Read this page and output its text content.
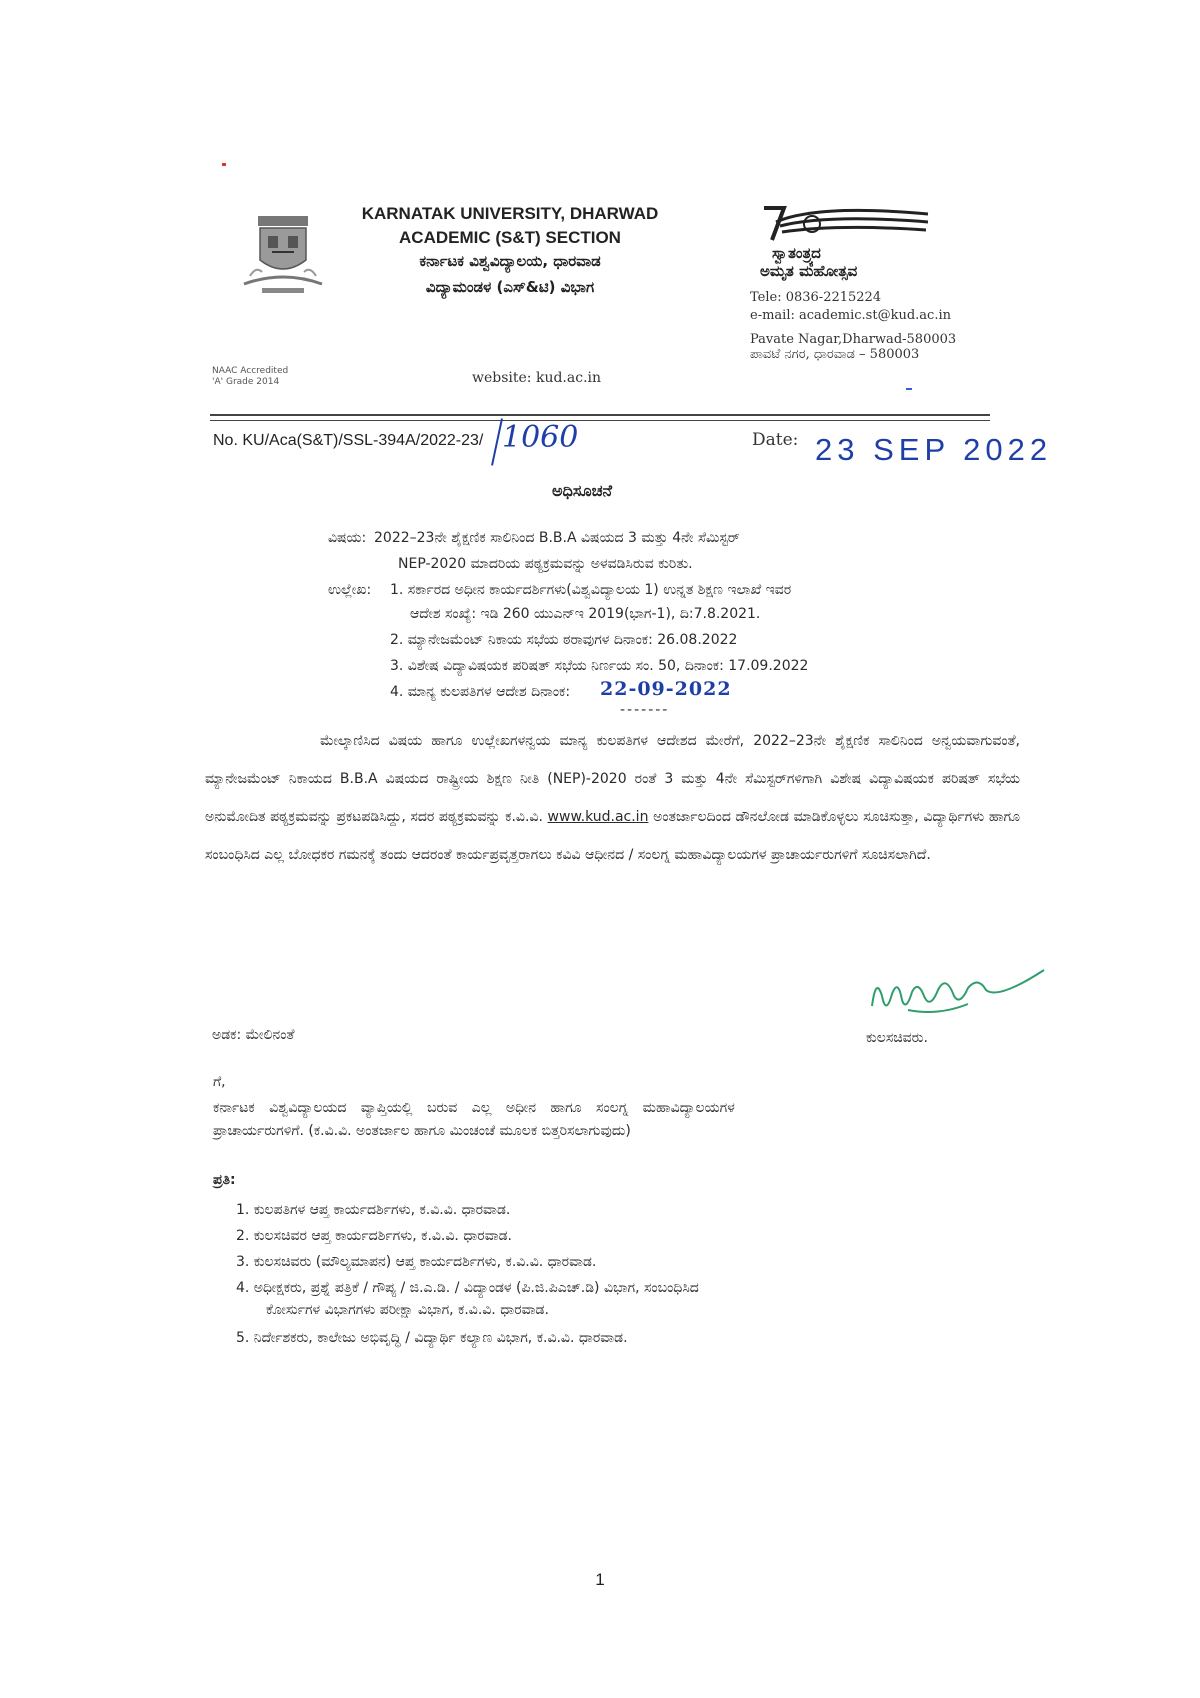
KARNATAK UNIVERSITY, DHARWAD
ACADEMIC (S&T) SECTION
ಕರ್ನಾಟಕ ವಿಶ್ವವಿದ್ಯಾಲಯ, ಧಾರವಾಡ
ವಿದ್ಯಾಮಂಡಳ (ಎಸ್&ಟಿ) ವಿಭಾಗ
NAAC Accredited
'A' Grade 2014	website: kud.ac.in
ಸ್ವಾತಂತ್ರ್ಯದ
ಅಮೃತ ಮಹೋತ್ಸವ
Tele: 0836-2215224
e-mail: academic.st@kud.ac.in
Pavate Nagar,Dharwad-580003
ಪಾವಟೆ ನಗರ, ಧಾರವಾಡ – 580003
No. KU/Aca(S&T)/SSL-394A/2022-23/ 1060	Date: 23 SEP 2022
ಅಧಿಸೂಚನೆ
ವಿಷಯ: 2022–23ನೇ ಶೈಕ್ಷಣಿಕ ಸಾಲಿನಿಂದ B.B.A ವಿಷಯದ 3 ಮತ್ತು 4ನೇ ಸೆಮಿಸ್ಟರ್
NEP-2020 ಮಾದರಿಯ ಪಠ್ಯಕ್ರಮವನ್ನು ಅಳವಡಿಸಿರುವ ಕುರಿತು.
ಉಲ್ಲೇಖ: 1. ಸರ್ಕಾರದ ಅಧೀನ ಕಾರ್ಯದರ್ಶಿಗಳು(ವಿಶ್ವವಿದ್ಯಾಲಯ 1) ಉನ್ನತ ಶಿಕ್ಷಣ ಇಲಾಖೆ ಇವರ
ಆದೇಶ ಸಂಖ್ಯೆ: ಇಡಿ 260 ಯುಎನ್ಇ 2019(ಭಾಗ-1), ದಿ:7.8.2021.
2. ಮ್ಯಾನೇಜಮೆಂಟ್ ನಿಕಾಯ ಸಭೆಯ ಠರಾವುಗಳ ದಿನಾಂಕ: 26.08.2022
3. ವಿಶೇಷ ವಿದ್ಯಾವಿಷಯಕ ಪರಿಷತ್ ಸಭೆಯ ನಿರ್ಣಯ ಸಂ. 50, ದಿನಾಂಕ: 17.09.2022
4. ಮಾನ್ಯ ಕುಲಪತಿಗಳ ಆದೇಶ ದಿನಾಂಕ: 22-09-2022
-------
ಮೇಲ್ಕಾಣಿಸಿದ ವಿಷಯ ಹಾಗೂ ಉಲ್ಲೇಖಗಳನ್ವಯ ಮಾನ್ಯ ಕುಲಪತಿಗಳ ಆದೇಶದ ಮೇರೆಗೆ, 2022–23ನೇ ಶೈಕ್ಷಣಿಕ ಸಾಲಿನಿಂದ ಅನ್ವಯವಾಗುವಂತೆ, ಮ್ಯಾನೇಜಮೆಂಟ್ ನಿಕಾಯದ B.B.A ವಿಷಯದ ರಾಷ್ಟ್ರೀಯ ಶಿಕ್ಷಣ ನೀತಿ (NEP)-2020 ರಂತೆ 3 ಮತ್ತು 4ನೇ ಸೆಮಿಸ್ಟರ್‌ಗಳಿಗಾಗಿ ವಿಶೇಷ ವಿದ್ಯಾವಿಷಯಕ ಪರಿಷತ್ ಸಭೆಯ ಅನುಮೋದಿತ ಪಠ್ಯಕ್ರಮವನ್ನು ಪ್ರಕಟಪಡಿಸಿದ್ದು, ಸದರ ಪಠ್ಯಕ್ರಮವನ್ನು ಕ.ವಿ.ವಿ. www.kud.ac.in ಅಂತರ್ಜಾಲದಿಂದ ಡೌನಲೋಡ ಮಾಡಿಕೊಳ್ಳಲು ಸೂಚಿಸುತ್ತಾ, ವಿದ್ಯಾರ್ಥಿಗಳು ಹಾಗೂ ಸಂಬಂಧಿಸಿದ ಎಲ್ಲ ಬೋಧಕರ ಗಮನಕ್ಕೆ ತಂದು ಆದರಂತೆ ಕಾರ್ಯಪ್ರವೃತ್ತರಾಗಲು ಕವಿವಿ ಆಧೀನದ / ಸಂಲಗ್ನ ಮಹಾವಿದ್ಯಾಲಯಗಳ ಪ್ರಾಚಾರ್ಯರುಗಳಿಗೆ ಸೂಚಿಸಲಾಗಿದೆ.
ಕುಲಸಚಿವರು.
ಅಡಕ: ಮೇಲಿನಂತೆ
ಗೆ,
ಕರ್ನಾಟಕ ವಿಶ್ವವಿದ್ಯಾಲಯದ ವ್ಯಾಪ್ತಿಯಲ್ಲಿ ಬರುವ ಎಲ್ಲ ಅಧೀನ ಹಾಗೂ ಸಂಲಗ್ನ ಮಹಾವಿದ್ಯಾಲಯಗಳ
ಪ್ರಾಚಾರ್ಯರುಗಳಿಗೆ. (ಕ.ವಿ.ವಿ. ಅಂತರ್ಜಾಲ ಹಾಗೂ ಮಿಂಚಂಚೆ ಮೂಲಕ ಬಿತ್ತರಿಸಲಾಗುವುದು)
ಪ್ರತಿ:
1. ಕುಲಪತಿಗಳ ಆಪ್ತ ಕಾರ್ಯದರ್ಶಿಗಳು, ಕ.ವಿ.ವಿ. ಧಾರವಾಡ.
2. ಕುಲಸಚಿವರ ಆಪ್ತ ಕಾರ್ಯದರ್ಶಿಗಳು, ಕ.ವಿ.ವಿ. ಧಾರವಾಡ.
3. ಕುಲಸಚಿವರು (ಮೌಲ್ಯಮಾಪನ) ಆಪ್ತ ಕಾರ್ಯದರ್ಶಿಗಳು, ಕ.ವಿ.ವಿ. ಧಾರವಾಡ.
4. ಅಧೀಕ್ಷಕರು, ಪ್ರಶ್ನೆ ಪತ್ರಿಕೆ / ಗೌಪ್ಯ / ಜಿ.ಎ.ಡಿ. / ವಿದ್ಯಾಂಡಳ (ಪಿ.ಜಿ.ಪಿಎಚ್.ಡಿ) ವಿಭಾಗ, ಸಂಬಂಧಿಸಿದ
ಕೋರ್ಸುಗಳ ವಿಭಾಗಗಳು ಪರೀಕ್ಷಾ ವಿಭಾಗ, ಕ.ವಿ.ವಿ. ಧಾರವಾಡ.
5. ನಿರ್ದೇಶಕರು, ಕಾಲೇಜು ಅಭಿವೃದ್ಧಿ / ವಿದ್ಯಾರ್ಥಿ ಕಲ್ಯಾಣ ವಿಭಾಗ, ಕ.ವಿ.ವಿ. ಧಾರವಾಡ.
1
